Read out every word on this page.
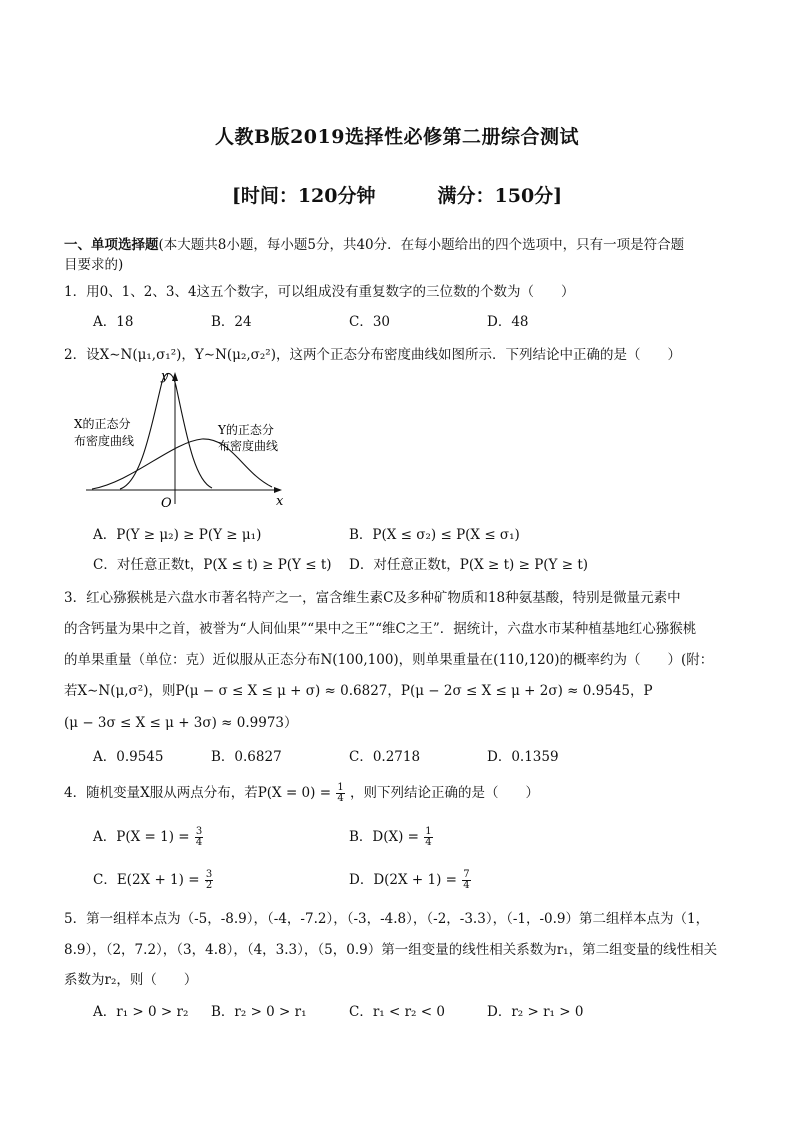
人教B版2019选择性必修第二册综合测试
[时间：120分钟	满分：150分]
一、单项选择题(本大题共8小题，每小题5分，共40分．在每小题给出的四个选项中，只有一项是符合题
目要求的)
1．用0、1、2、3、4这五个数字，可以组成没有重复数字的三位数的个数为（　　）
A．18	B．24	C．30	D．48
2．设X∼N(μ₁,σ₁²)，Y∼N(μ₂,σ₂²)，这两个正态分布密度曲线如图所示．下列结论中正确的是（　　）
y
x
O
X的正态分
布密度曲线
Y的正态分
布密度曲线
A．P(Y ≥ μ₂) ≥ P(Y ≥ μ₁)	B．P(X ≤ σ₂) ≤ P(X ≤ σ₁)
C．对任意正数t，P(X ≤ t) ≥ P(Y ≤ t) D．对任意正数t，P(X ≥ t) ≥ P(Y ≥ t)
3．红心猕猴桃是六盘水市著名特产之一，富含维生素C及多种矿物质和18种氨基酸，特别是微量元素中
的含钙量为果中之首，被誉为“人间仙果”“果中之王”“维C之王”．据统计，六盘水市某种植基地红心猕猴桃
的单果重量（单位：克）近似服从正态分布N(100,100)，则单果重量在(110,120)的概率约为（　　）(附：
若X∼N(μ,σ²)，则P(μ − σ ≤ X ≤ μ + σ) ≈ 0.6827，P(μ − 2σ ≤ X ≤ μ + 2σ) ≈ 0.9545，P
(μ − 3σ ≤ X ≤ μ + 3σ) ≈ 0.9973）
A．0.9545	B．0.6827	C．0.2718	D．0.1359
4．随机变量X服从两点分布，若$P(X = 0) = \frac{1}{4}$ ，则下列结论正确的是（　　）
A．$P(X = 1) = \frac{3}{4}$	B．$D(X) = \frac{1}{4}$
C．$E(2X + 1) = \frac{3}{2}$	D．$D(2X + 1) = \frac{7}{4}$
5．第一组样本点为（-5，-8.9），（-4，-7.2），（-3，-4.8），（-2，-3.3），（-1，-0.9）第二组样本点为（1，
8.9），（2，7.2），（3，4.8），（4，3.3），（5，0.9）第一组变量的线性相关系数为r₁，第二组变量的线性相关
系数为r₂，则（　　）
A．r₁ > 0 > r₂ B．r₂ > 0 > r₁	C．r₁ < r₂ < 0	D．r₂ > r₁ > 0
